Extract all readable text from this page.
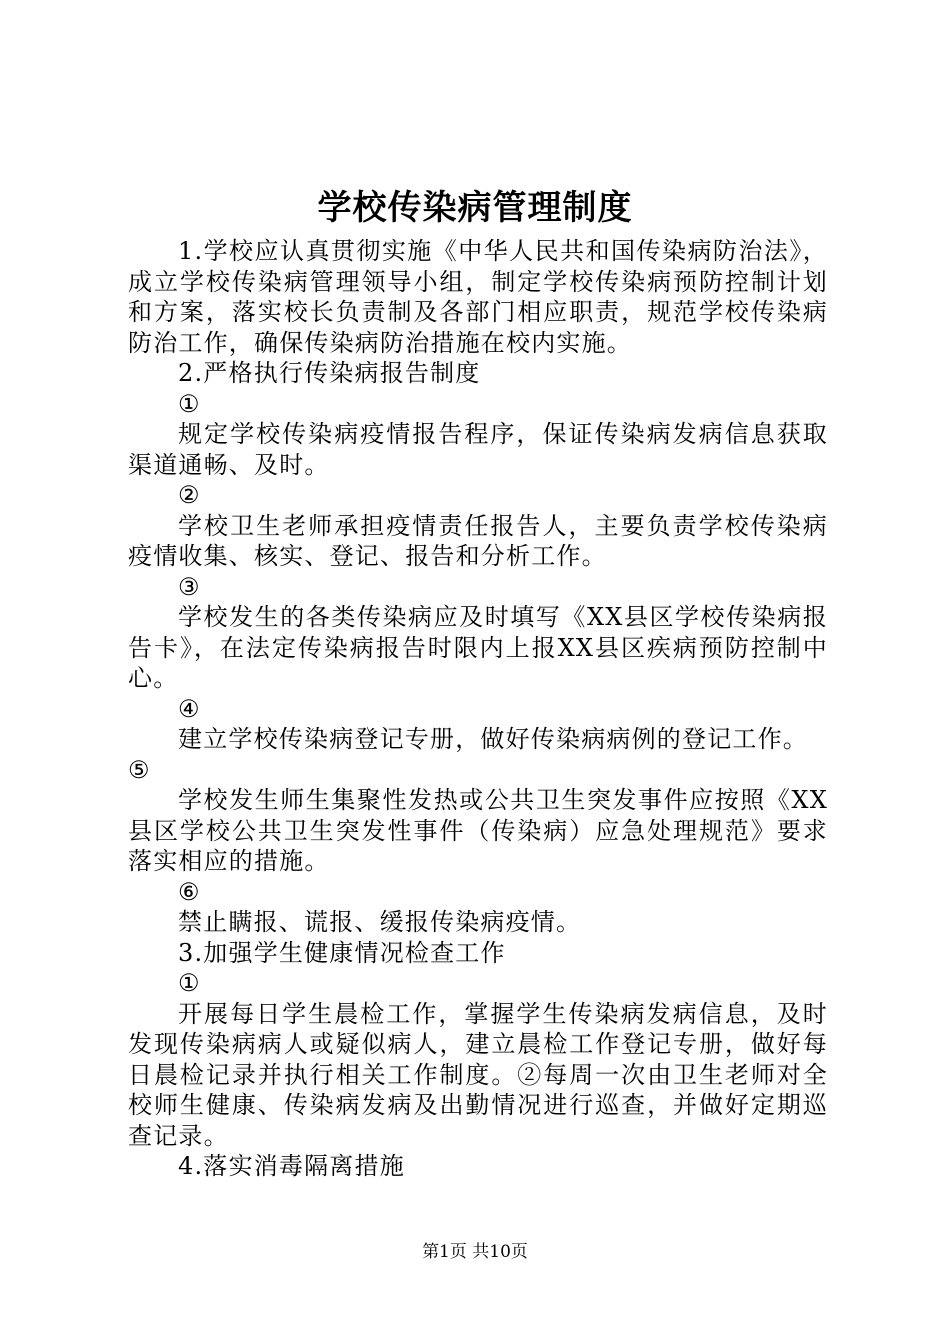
学校传染病管理制度

1.学校应认真贯彻实施《中华人民共和国传染病防治法》，成立学校传染病管理领导小组，制定学校传染病预防控制计划和方案，落实校长负责制及各部门相应职责，规范学校传染病防治工作，确保传染病防治措施在校内实施。

2.严格执行传染病报告制度

①

规定学校传染病疫情报告程序，保证传染病发病信息获取渠道通畅、及时。

②

学校卫生老师承担疫情责任报告人，主要负责学校传染病疫情收集、核实、登记、报告和分析工作。

③

学校发生的各类传染病应及时填写《XX县区学校传染病报告卡》，在法定传染病报告时限内上报XX县区疾病预防控制中心。

④

建立学校传染病登记专册，做好传染病病例的登记工作。

⑤

学校发生师生集聚性发热或公共卫生突发事件应按照《XX县区学校公共卫生突发性事件（传染病）应急处理规范》要求落实相应的措施。

⑥

禁止瞒报、谎报、缓报传染病疫情。

3.加强学生健康情况检查工作

①

开展每日学生晨检工作，掌握学生传染病发病信息，及时发现传染病病人或疑似病人，建立晨检工作登记专册，做好每日晨检记录并执行相关工作制度。②每周一次由卫生老师对全校师生健康、传染病发病及出勤情况进行巡查，并做好定期巡查记录。

4.落实消毒隔离措施

第1页 共10页
